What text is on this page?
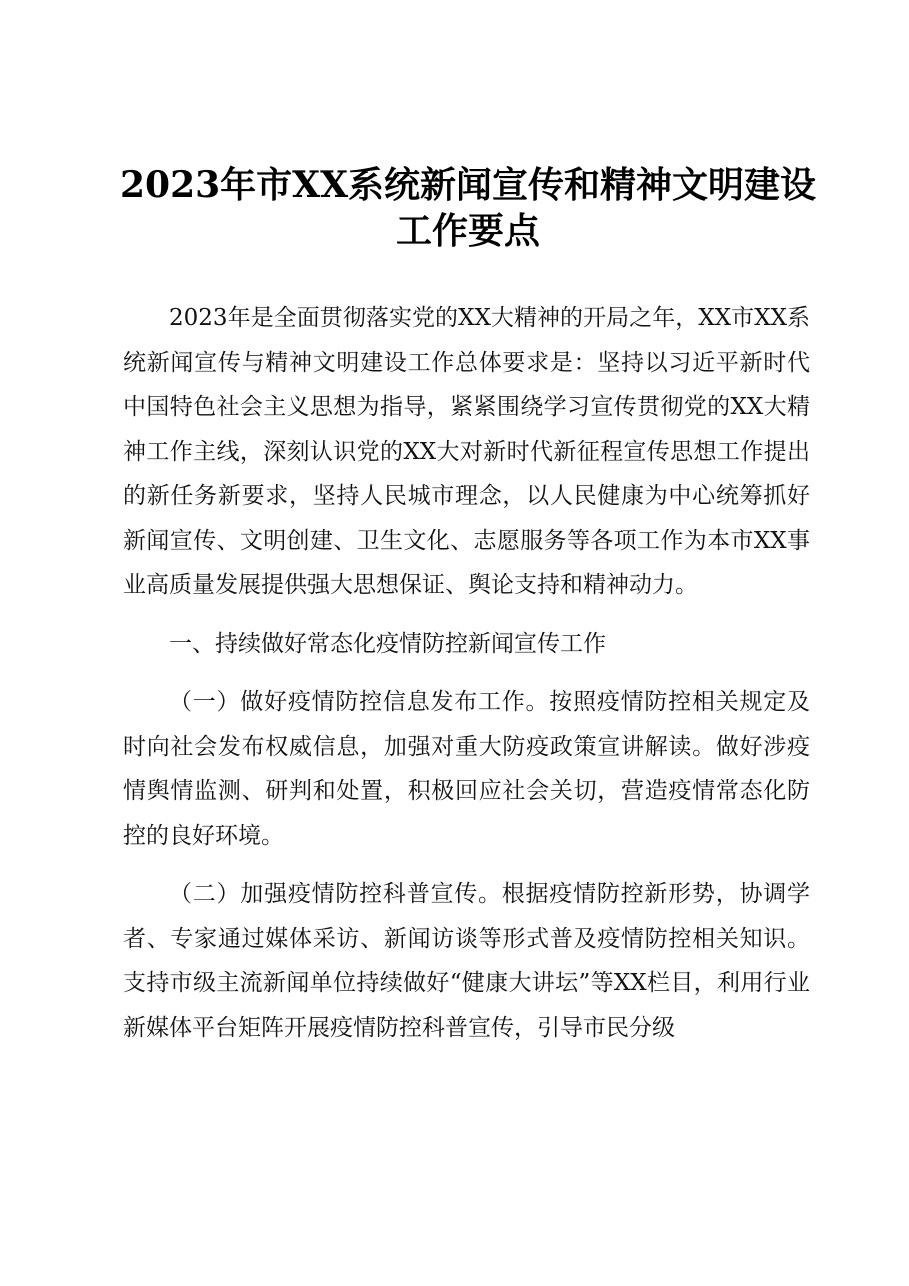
2023年市XX系统新闻宣传和精神文明建设工作要点

2023年是全面贯彻落实党的XX大精神的开局之年，XX市XX系统新闻宣传与精神文明建设工作总体要求是：坚持以习近平新时代中国特色社会主义思想为指导，紧紧围绕学习宣传贯彻党的XX大精神工作主线，深刻认识党的XX大对新时代新征程宣传思想工作提出的新任务新要求，坚持人民城市理念，以人民健康为中心统筹抓好新闻宣传、文明创建、卫生文化、志愿服务等各项工作为本市XX事业高质量发展提供强大思想保证、舆论支持和精神动力。

一、持续做好常态化疫情防控新闻宣传工作

（一）做好疫情防控信息发布工作。按照疫情防控相关规定及时向社会发布权威信息，加强对重大防疫政策宣讲解读。做好涉疫情舆情监测、研判和处置，积极回应社会关切，营造疫情常态化防控的良好环境。

（二）加强疫情防控科普宣传。根据疫情防控新形势，协调学者、专家通过媒体采访、新闻访谈等形式普及疫情防控相关知识。支持市级主流新闻单位持续做好“健康大讲坛”等XX栏目，利用行业新媒体平台矩阵开展疫情防控科普宣传，引导市民分级
